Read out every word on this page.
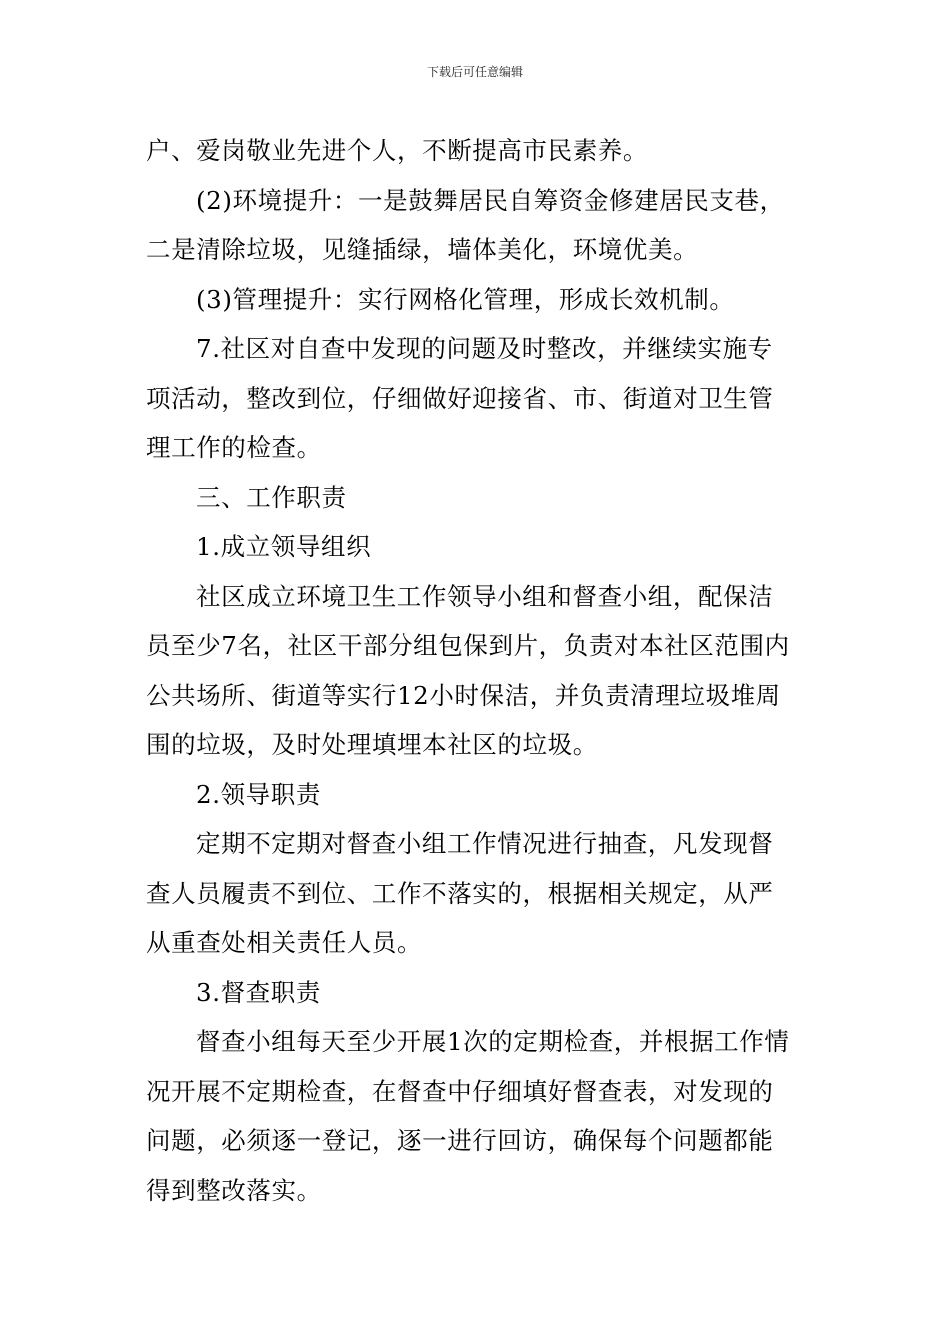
下载后可任意编辑
户、爱岗敬业先进个人，不断提高市民素养。
(2)环境提升：一是鼓舞居民自筹资金修建居民支巷，
二是清除垃圾，见缝插绿，墙体美化，环境优美。
(3)管理提升：实行网格化管理，形成长效机制。
7.社区对自查中发现的问题及时整改，并继续实施专
项活动，整改到位，仔细做好迎接省、市、街道对卫生管
理工作的检查。
三、工作职责
1.成立领导组织
社区成立环境卫生工作领导小组和督查小组，配保洁
员至少7名，社区干部分组包保到片，负责对本社区范围内
公共场所、街道等实行12小时保洁，并负责清理垃圾堆周
围的垃圾，及时处理填埋本社区的垃圾。
2.领导职责
定期不定期对督查小组工作情况进行抽查，凡发现督
查人员履责不到位、工作不落实的，根据相关规定，从严
从重查处相关责任人员。
3.督查职责
督查小组每天至少开展1次的定期检查，并根据工作情
况开展不定期检查，在督查中仔细填好督查表，对发现的
问题，必须逐一登记，逐一进行回访，确保每个问题都能
得到整改落实。
